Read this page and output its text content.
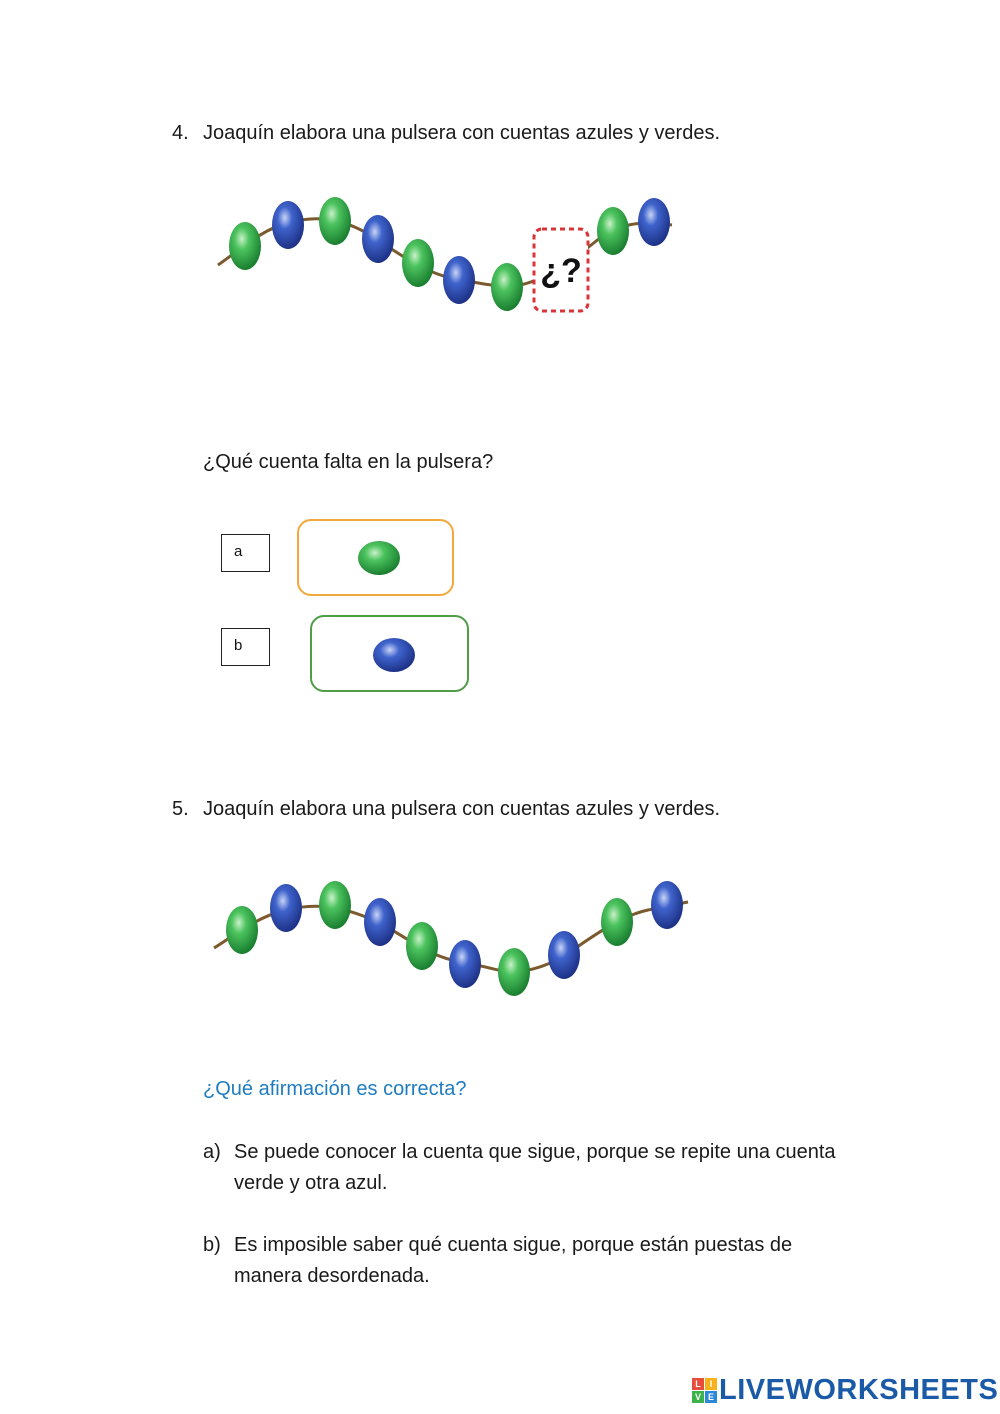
4. Joaquín elabora una pulsera con cuentas azules y verdes.
¿?
¿Qué cuenta falta en la pulsera?
a
b
5. Joaquín elabora una pulsera con cuentas azules y verdes.
¿Qué afirmación es correcta?
a) Se puede conocer la cuenta que sigue, porque se repite una cuenta verde y otra azul.
b) Es imposible saber qué cuenta sigue, porque están puestas de manera desordenada.
L I
V E LIVEWORKSHEETS
